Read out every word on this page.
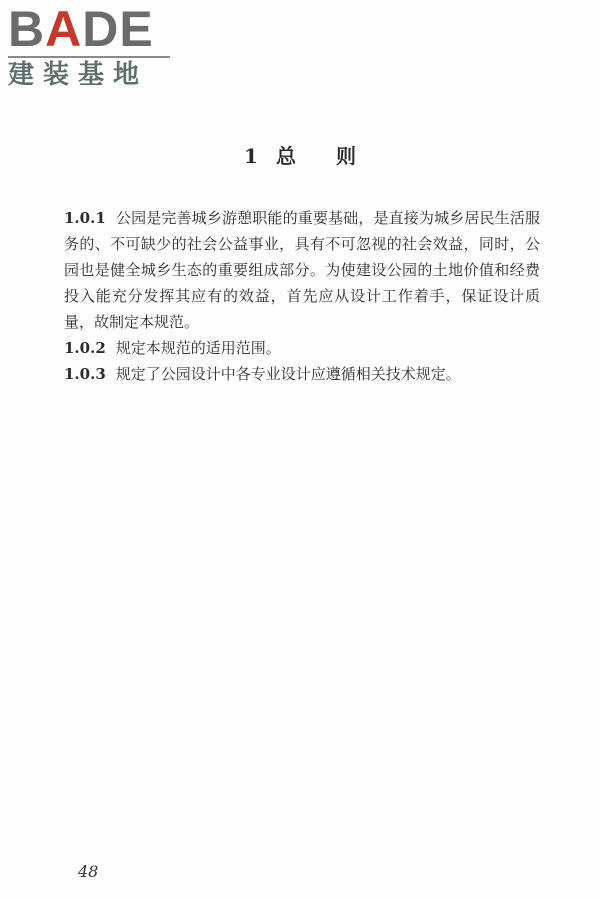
BADE
建装基地
1 总 则

1.0.1 公园是完善城乡游憩职能的重要基础，是直接为城乡居民生活服务的、不可缺少的社会公益事业，具有不可忽视的社会效益，同时，公园也是健全城乡生态的重要组成部分。为使建设公园的土地价值和经费投入能充分发挥其应有的效益，首先应从设计工作着手，保证设计质量，故制定本规范。

1.0.2 规定本规范的适用范围。

1.0.3 规定了公园设计中各专业设计应遵循相关技术规定。

48
